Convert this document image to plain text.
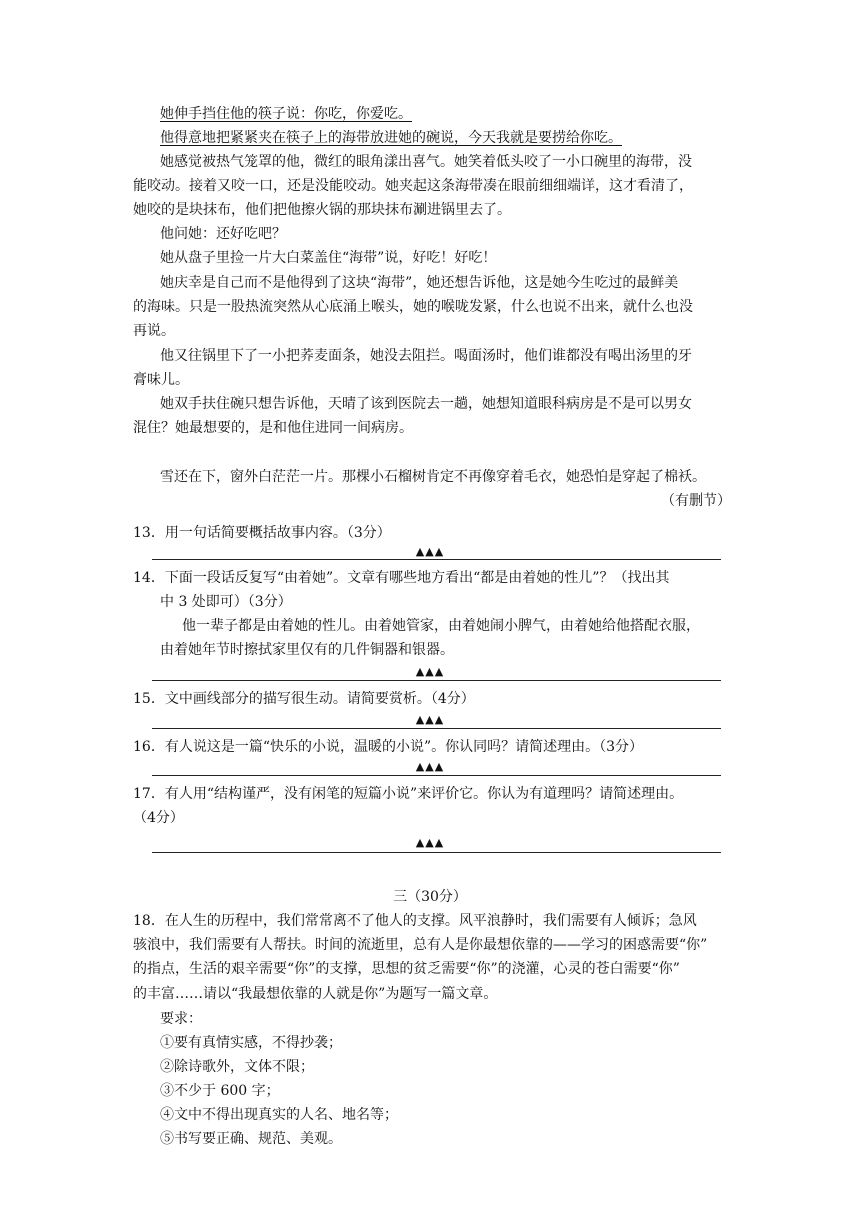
她伸手挡住他的筷子说：你吃，你爱吃。

他得意地把紧紧夹在筷子上的海带放进她的碗说，今天我就是要捞给你吃。

她感觉被热气笼罩的他，微红的眼角漾出喜气。她笑着低头咬了一小口碗里的海带，没

能咬动。接着又咬一口，还是没能咬动。她夹起这条海带凑在眼前细细端详，这才看清了，

她咬的是块抹布，他们把他擦火锅的那块抹布涮进锅里去了。

他问她：还好吃吧？

她从盘子里捡一片大白菜盖住“海带”说，好吃！好吃！

她庆幸是自己而不是他得到了这块“海带”，她还想告诉他，这是她今生吃过的最鲜美

的海味。只是一股热流突然从心底涌上喉头，她的喉咙发紧，什么也说不出来，就什么也没

再说。

他又往锅里下了一小把荞麦面条，她没去阻拦。喝面汤时，他们谁都没有喝出汤里的牙

膏味儿。

她双手扶住碗只想告诉他，天晴了该到医院去一趟，她想知道眼科病房是不是可以男女

混住？她最想要的，是和他住进同一间病房。

雪还在下，窗外白茫茫一片。那棵小石榴树肯定不再像穿着毛衣，她恐怕是穿起了棉袄。

（有删节）

13．用一句话简要概括故事内容。（3分）

▲▲▲

14．下面一段话反复写“由着她”。文章有哪些地方看出“都是由着她的性儿”？（找出其

中 3 处即可）（3分）

他一辈子都是由着她的性儿。由着她管家，由着她闹小脾气，由着她给他搭配衣服，

由着她年节时擦拭家里仅有的几件铜器和银器。

▲▲▲

15．文中画线部分的描写很生动。请简要赏析。（4分）

▲▲▲

16．有人说这是一篇“快乐的小说，温暖的小说”。你认同吗？请简述理由。（3分）

▲▲▲

17．有人用“结构谨严，没有闲笔的短篇小说”来评价它。你认为有道理吗？请简述理由。

（4分）

▲▲▲
三（30分）

18．在人生的历程中，我们常常离不了他人的支撑。风平浪静时，我们需要有人倾诉；急风

骇浪中，我们需要有人帮扶。时间的流逝里，总有人是你最想依靠的——学习的困惑需要“你”

的指点，生活的艰辛需要“你”的支撑，思想的贫乏需要“你”的浇灌，心灵的苍白需要“你”

的丰富……请以“我最想依靠的人就是你”为题写一篇文章。

要求：

①要有真情实感，不得抄袭；

②除诗歌外，文体不限；

③不少于 600 字；

④文中不得出现真实的人名、地名等；

⑤书写要正确、规范、美观。
